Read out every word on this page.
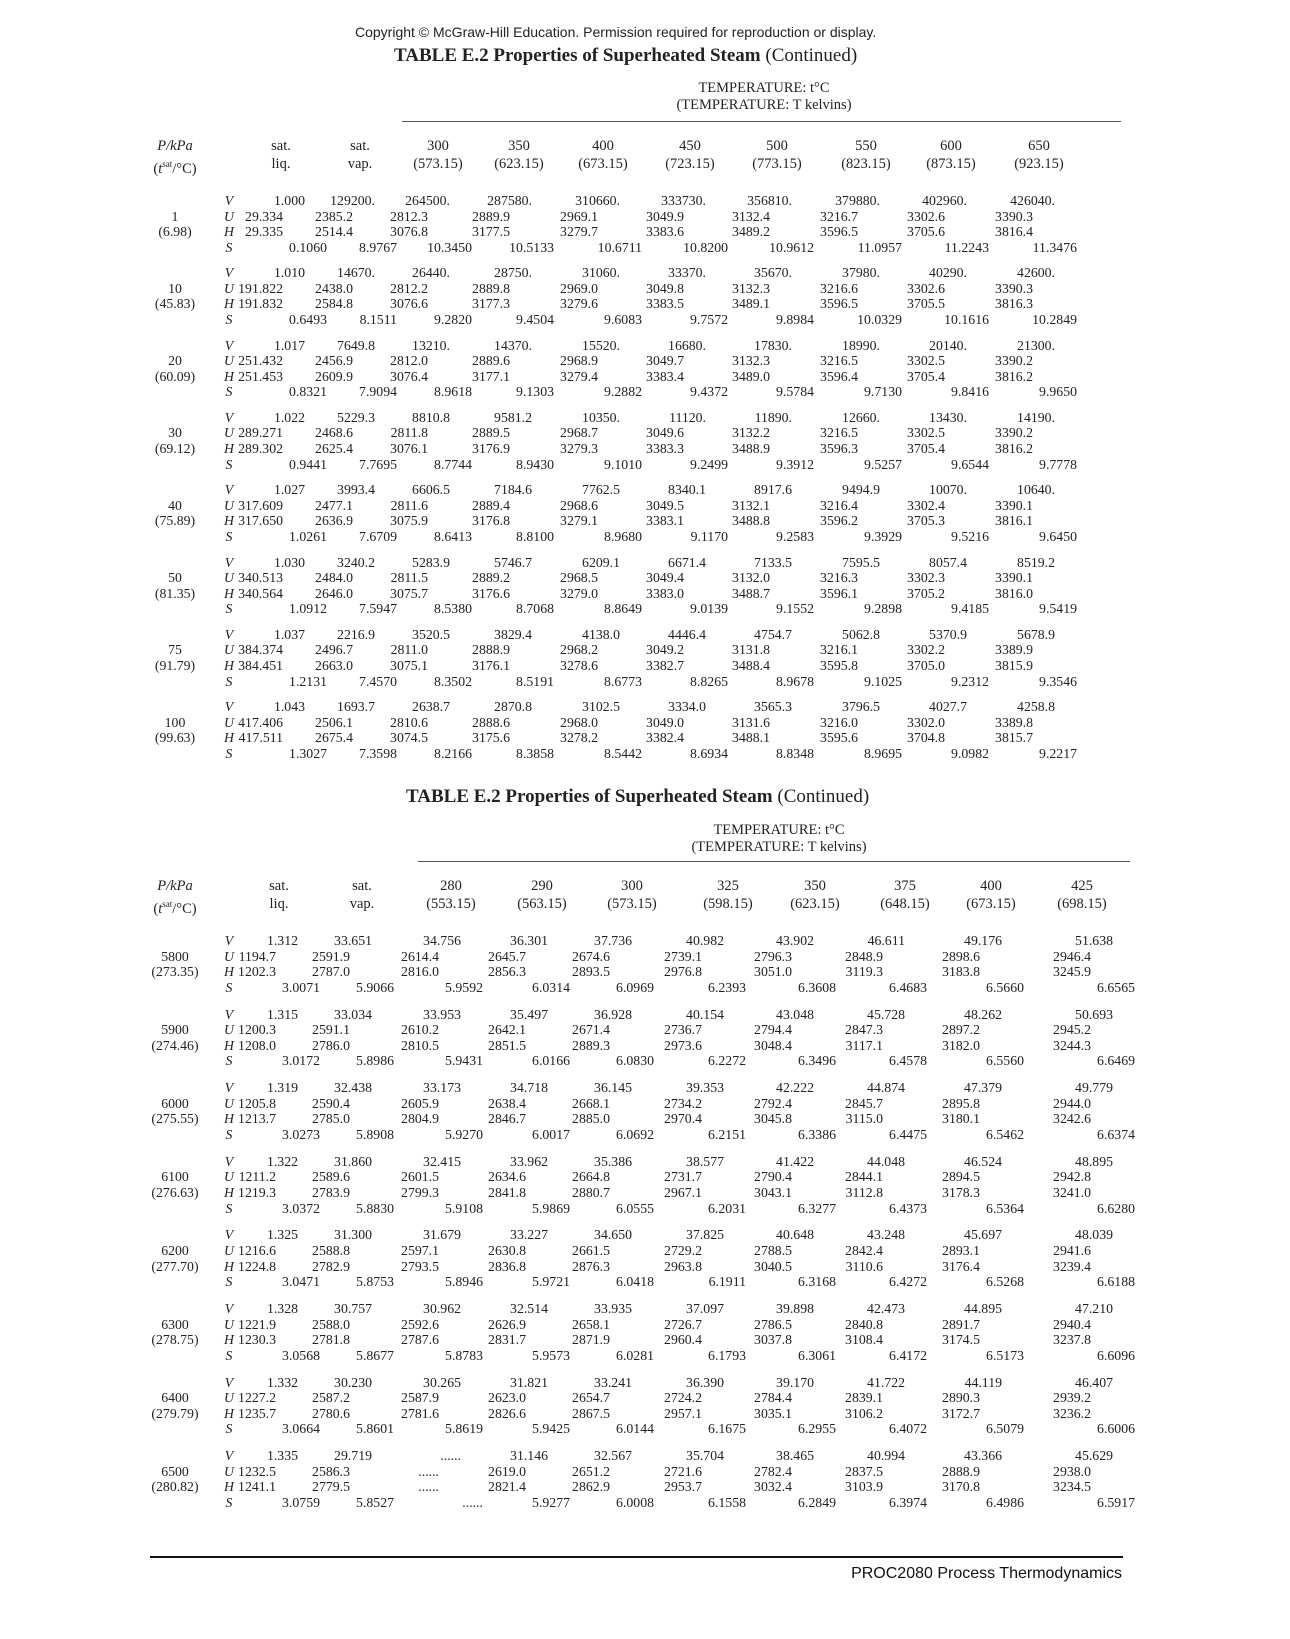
Copyright © McGraw-Hill Education. Permission required for reproduction or display.
TABLE E.2 Properties of Superheated Steam (Continued)
TEMPERATURE: t°C
(TEMPERATURE: T kelvins)
P/kPa
$(t^{sat}/^\circ C)$
sat.
liq.
sat.
vap.
300
(573.15)
350
(623.15)
400
(673.15)
450
(723.15)
500
(773.15)
550
(823.15)
600
(873.15)
650
(923.15)
1
(6.98)
V	1.000 129200. 264500.	287580.	310660.	333730.	356810.	379880.	402960.	426040.
U 29.334 2385.2	2812.3	2889.9	2969.1	3049.9	3132.4	3216.7	3302.6	3390.3
H 29.335 2514.4	3076.8	3177.5	3279.7	3383.6	3489.2	3596.5	3705.6	3816.4
S	0.1060 8.9767 10.3450	10.5133	10.6711	10.8200	10.9612	11.0957	11.2243	11.3476
10
(45.83)
V	1.010 14670.	26440.	28750.	31060.	33370.	35670.	37980.	40290.	42600.
U 191.822 2438.0	2812.2	2889.8	2969.0	3049.8	3132.3	3216.6	3302.6	3390.3
H 191.832 2584.8	3076.6	3177.3	3279.6	3383.5	3489.1	3596.5	3705.5	3816.3
S	0.6493 8.1511	9.2820	9.4504	9.6083	9.7572	9.8984	10.0329	10.1616	10.2849
20
(60.09)
V	1.017 7649.8	13210.	14370.	15520.	16680.	17830.	18990.	20140.	21300.
U 251.432 2456.9	2812.0	2889.6	2968.9	3049.7	3132.3	3216.5	3302.5	3390.2
H 251.453 2609.9	3076.4	3177.1	3279.4	3383.4	3489.0	3596.4	3705.4	3816.2
S	0.8321 7.9094	8.9618	9.1303	9.2882	9.4372	9.5784	9.7130	9.8416	9.9650
30
(69.12)
V	1.022 5229.3	8810.8	9581.2	10350.	11120.	11890.	12660.	13430.	14190.
U 289.271 2468.6	2811.8	2889.5	2968.7	3049.6	3132.2	3216.5	3302.5	3390.2
H 289.302 2625.4	3076.1	3176.9	3279.3	3383.3	3488.9	3596.3	3705.4	3816.2
S	0.9441 7.7695	8.7744	8.9430	9.1010	9.2499	9.3912	9.5257	9.6544	9.7778
40
(75.89)
V	1.027 3993.4	6606.5	7184.6	7762.5	8340.1	8917.6	9494.9	10070.	10640.
U 317.609 2477.1	2811.6	2889.4	2968.6	3049.5	3132.1	3216.4	3302.4	3390.1
H 317.650 2636.9	3075.9	3176.8	3279.1	3383.1	3488.8	3596.2	3705.3	3816.1
S	1.0261 7.6709	8.6413	8.8100	8.9680	9.1170	9.2583	9.3929	9.5216	9.6450
50
(81.35)
V	1.030 3240.2	5283.9	5746.7	6209.1	6671.4	7133.5	7595.5	8057.4	8519.2
U 340.513 2484.0	2811.5	2889.2	2968.5	3049.4	3132.0	3216.3	3302.3	3390.1
H 340.564 2646.0	3075.7	3176.6	3279.0	3383.0	3488.7	3596.1	3705.2	3816.0
S	1.0912 7.5947	8.5380	8.7068	8.8649	9.0139	9.1552	9.2898	9.4185	9.5419
75
(91.79)
V	1.037 2216.9	3520.5	3829.4	4138.0	4446.4	4754.7	5062.8	5370.9	5678.9
U 384.374 2496.7	2811.0	2888.9	2968.2	3049.2	3131.8	3216.1	3302.2	3389.9
H 384.451 2663.0	3075.1	3176.1	3278.6	3382.7	3488.4	3595.8	3705.0	3815.9
S	1.2131 7.4570	8.3502	8.5191	8.6773	8.8265	8.9678	9.1025	9.2312	9.3546
100
(99.63)
V	1.043 1693.7	2638.7	2870.8	3102.5	3334.0	3565.3	3796.5	4027.7	4258.8
U 417.406 2506.1	2810.6	2888.6	2968.0	3049.0	3131.6	3216.0	3302.0	3389.8
H 417.511 2675.4	3074.5	3175.6	3278.2	3382.4	3488.1	3595.6	3704.8	3815.7
S	1.3027 7.3598	8.2166	8.3858	8.5442	8.6934	8.8348	8.9695	9.0982	9.2217
TABLE E.2 Properties of Superheated Steam (Continued)
TEMPERATURE: t°C
(TEMPERATURE: T kelvins)
P/kPa
$(t^{sat}/^\circ C)$
sat.
liq.
sat.
vap.
280
(553.15)
290
(563.15)
300
(573.15)
325
(598.15)
350
(623.15)
375
(648.15)
400
(673.15)
425
(698.15)
5800
(273.35)
V 1.312	33.651	34.756	36.301	37.736	40.982	43.902	46.611	49.176	51.638
U 1194.7	2591.9	2614.4	2645.7	2674.6	2739.1	2796.3	2848.9	2898.6	2946.4
H 1202.3	2787.0	2816.0	2856.3	2893.5	2976.8	3051.0	3119.3	3183.8	3245.9
S	3.0071	5.9066	5.9592	6.0314	6.0969	6.2393	6.3608	6.4683	6.5660	6.6565
5900
(274.46)
V 1.315	33.034	33.953	35.497	36.928	40.154	43.048	45.728	48.262	50.693
U 1200.3	2591.1	2610.2	2642.1	2671.4	2736.7	2794.4	2847.3	2897.2	2945.2
H 1208.0	2786.0	2810.5	2851.5	2889.3	2973.6	3048.4	3117.1	3182.0	3244.3
S	3.0172	5.8986	5.9431	6.0166	6.0830	6.2272	6.3496	6.4578	6.5560	6.6469
6000
(275.55)
V 1.319	32.438	33.173	34.718	36.145	39.353	42.222	44.874	47.379	49.779
U 1205.8	2590.4	2605.9	2638.4	2668.1	2734.2	2792.4	2845.7	2895.8	2944.0
H 1213.7	2785.0	2804.9	2846.7	2885.0	2970.4	3045.8	3115.0	3180.1	3242.6
S	3.0273	5.8908	5.9270	6.0017	6.0692	6.2151	6.3386	6.4475	6.5462	6.6374
6100
(276.63)
V 1.322	31.860	32.415	33.962	35.386	38.577	41.422	44.048	46.524	48.895
U 1211.2	2589.6	2601.5	2634.6	2664.8	2731.7	2790.4	2844.1	2894.5	2942.8
H 1219.3	2783.9	2799.3	2841.8	2880.7	2967.1	3043.1	3112.8	3178.3	3241.0
S	3.0372	5.8830	5.9108	5.9869	6.0555	6.2031	6.3277	6.4373	6.5364	6.6280
6200
(277.70)
V 1.325	31.300	31.679	33.227	34.650	37.825	40.648	43.248	45.697	48.039
U 1216.6	2588.8	2597.1	2630.8	2661.5	2729.2	2788.5	2842.4	2893.1	2941.6
H 1224.8	2782.9	2793.5	2836.8	2876.3	2963.8	3040.5	3110.6	3176.4	3239.4
S	3.0471	5.8753	5.8946	5.9721	6.0418	6.1911	6.3168	6.4272	6.5268	6.6188
6300
(278.75)
V 1.328	30.757	30.962	32.514	33.935	37.097	39.898	42.473	44.895	47.210
U 1221.9	2588.0	2592.6	2626.9	2658.1	2726.7	2786.5	2840.8	2891.7	2940.4
H 1230.3	2781.8	2787.6	2831.7	2871.9	2960.4	3037.8	3108.4	3174.5	3237.8
S	3.0568	5.8677	5.8783	5.9573	6.0281	6.1793	6.3061	6.4172	6.5173	6.6096
6400
(279.79)
V 1.332	30.230	30.265	31.821	33.241	36.390	39.170	41.722	44.119	46.407
U 1227.2	2587.2	2587.9	2623.0	2654.7	2724.2	2784.4	2839.1	2890.3	2939.2
H 1235.7	2780.6	2781.6	2826.6	2867.5	2957.1	3035.1	3106.2	3172.7	3236.2
S	3.0664	5.8601	5.8619	5.9425	6.0144	6.1675	6.2955	6.4072	6.5079	6.6006
6500
(280.82)
V 1.335	29.719	......	31.146	32.567	35.704	38.465	40.994	43.366	45.629
U 1232.5	2586.3	......	2619.0	2651.2	2721.6	2782.4	2837.5	2888.9	2938.0
H 1241.1	2779.5	......	2821.4	2862.9	2953.7	3032.4	3103.9	3170.8	3234.5
S	3.0759	5.8527	......	5.9277	6.0008	6.1558	6.2849	6.3974	6.4986	6.5917
PROC2080 Process Thermodynamics
